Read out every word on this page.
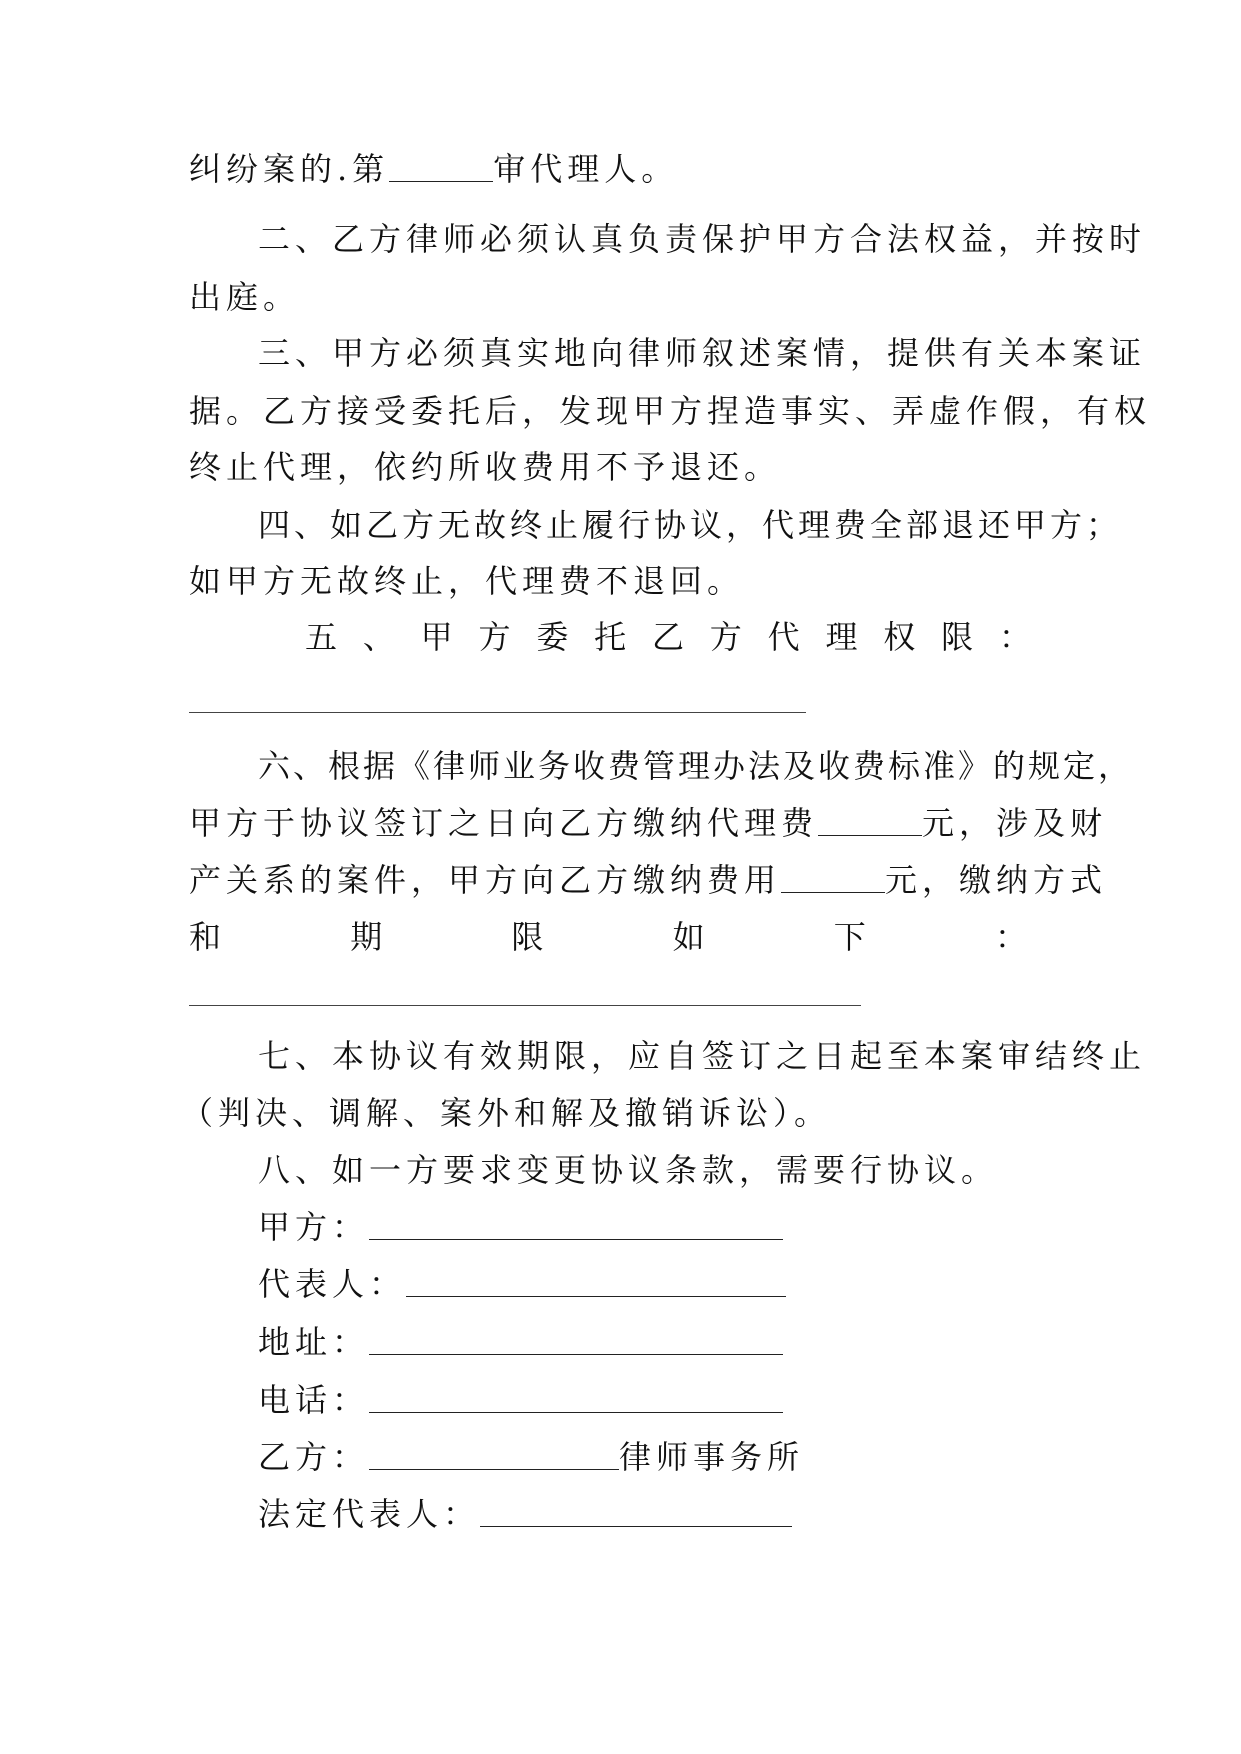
纠纷案的.第	审代理人。
二、乙方律师必须认真负责保护甲方合法权益，并按时
出庭。
三、甲方必须真实地向律师叙述案情，提供有关本案证
据。乙方接受委托后，发现甲方捏造事实、弄虚作假，有权
终止代理，依约所收费用不予退还。
四、如乙方无故终止履行协议，代理费全部退还甲方；
如甲方无故终止，代理费不退回。
五 、 甲 方 委 托 乙 方 代 理 权 限 ：
六、根据《律师业务收费管理办法及收费标准》的规定，
甲方于协议签订之日向乙方缴纳代理费	元，涉及财
产关系的案件，甲方向乙方缴纳费用	元，缴纳方式
和	期	限	如	下	：
七、本协议有效期限，应自签订之日起至本案审结终止
（判决、调解、案外和解及撤销诉讼）。
八、如一方要求变更协议条款，需要行协议。
甲方：
代表人：
地址：
电话：
乙方：	律师事务所
法定代表人：
